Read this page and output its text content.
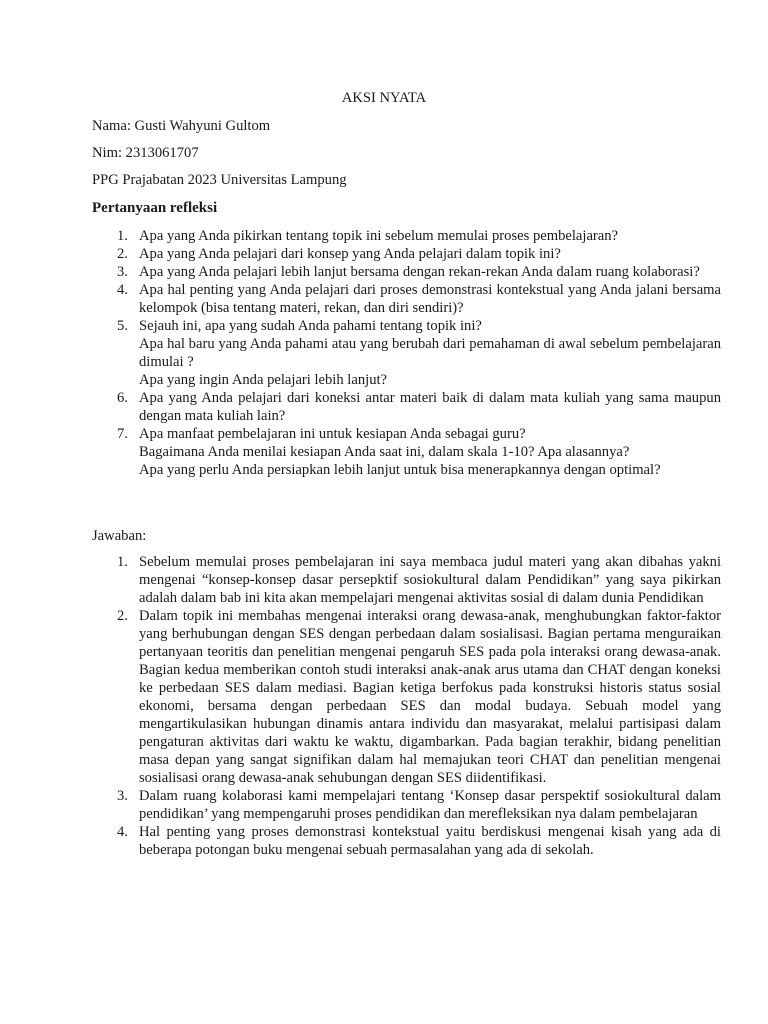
AKSI NYATA
Nama: Gusti Wahyuni Gultom
Nim: 2313061707
PPG Prajabatan 2023 Universitas Lampung
Pertanyaan refleksi
1. Apa yang Anda pikirkan tentang topik ini sebelum memulai proses pembelajaran?
2. Apa yang Anda pelajari dari konsep yang Anda pelajari dalam topik ini?
3. Apa yang Anda pelajari lebih lanjut bersama dengan rekan-rekan Anda dalam ruang kolaborasi?
4. Apa hal penting yang Anda pelajari dari proses demonstrasi kontekstual yang Anda jalani bersama kelompok (bisa tentang materi, rekan, dan diri sendiri)?
5. Sejauh ini, apa yang sudah Anda pahami tentang topik ini?
Apa hal baru yang Anda pahami atau yang berubah dari pemahaman di awal sebelum pembelajaran dimulai ?
Apa yang ingin Anda pelajari lebih lanjut?
6. Apa yang Anda pelajari dari koneksi antar materi baik di dalam mata kuliah yang sama maupun dengan mata kuliah lain?
7. Apa manfaat pembelajaran ini untuk kesiapan Anda sebagai guru?
Bagaimana Anda menilai kesiapan Anda saat ini, dalam skala 1-10? Apa alasannya?
Apa yang perlu Anda persiapkan lebih lanjut untuk bisa menerapkannya dengan optimal?
Jawaban:
1. Sebelum memulai proses pembelajaran ini saya membaca judul materi yang akan dibahas yakni mengenai “konsep-konsep dasar persepktif sosiokultural dalam Pendidikan” yang saya pikirkan adalah dalam bab ini kita akan mempelajari mengenai aktivitas sosial di dalam dunia Pendidikan
2. Dalam topik ini membahas mengenai interaksi orang dewasa-anak, menghubungkan faktor-faktor yang berhubungan dengan SES dengan perbedaan dalam sosialisasi. Bagian pertama menguraikan pertanyaan teoritis dan penelitian mengenai pengaruh SES pada pola interaksi orang dewasa-anak. Bagian kedua memberikan contoh studi interaksi anak-anak arus utama dan CHAT dengan koneksi ke perbedaan SES dalam mediasi. Bagian ketiga berfokus pada konstruksi historis status sosial ekonomi, bersama dengan perbedaan SES dan modal budaya. Sebuah model yang mengartikulasikan hubungan dinamis antara individu dan masyarakat, melalui partisipasi dalam pengaturan aktivitas dari waktu ke waktu, digambarkan. Pada bagian terakhir, bidang penelitian masa depan yang sangat signifikan dalam hal memajukan teori CHAT dan penelitian mengenai sosialisasi orang dewasa-anak sehubungan dengan SES diidentifikasi.
3. Dalam ruang kolaborasi kami mempelajari tentang ‘Konsep dasar perspektif sosiokultural dalam pendidikan’ yang mempengaruhi proses pendidikan dan merefleksikan nya dalam pembelajaran
4. Hal penting yang proses demonstrasi kontekstual yaitu berdiskusi mengenai kisah yang ada di beberapa potongan buku mengenai sebuah permasalahan yang ada di sekolah.
